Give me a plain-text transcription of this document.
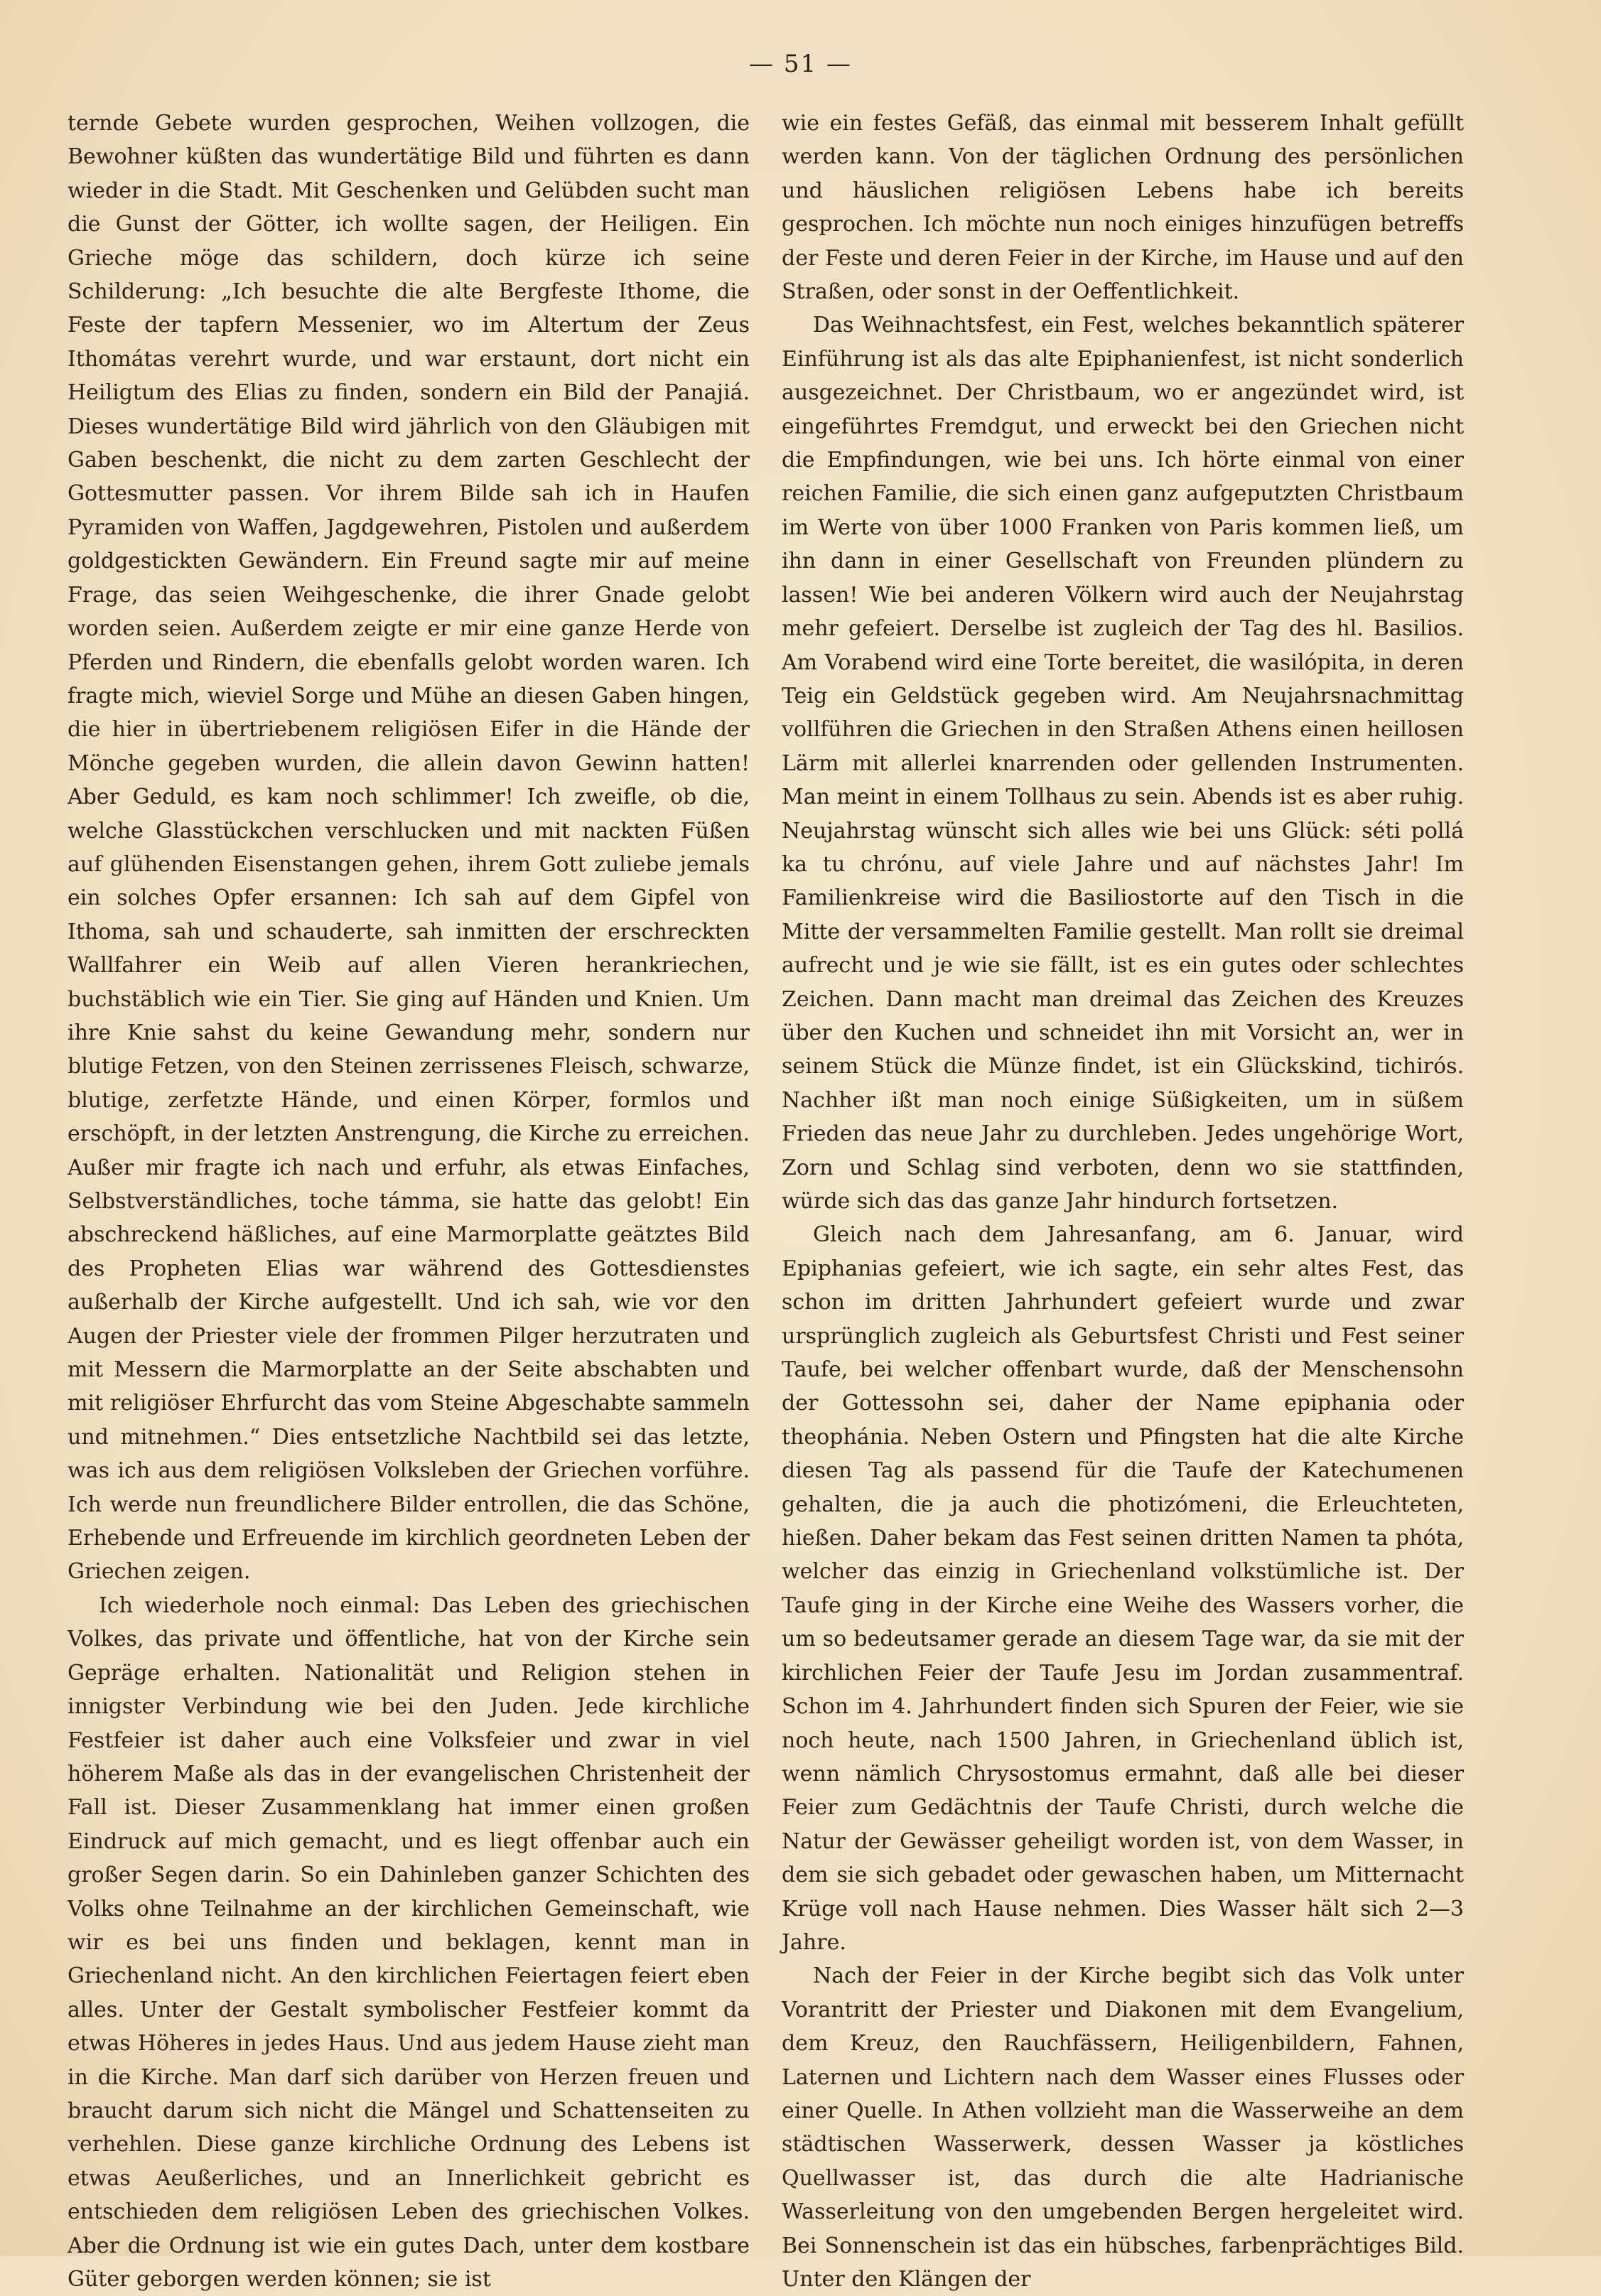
— 51 —

ternde Gebete wurden gesprochen, Weihen vollzogen, die Bewohner küßten das wundertätige Bild und führten es dann wieder in die Stadt. Mit Geschenken und Gelübden sucht man die Gunst der Götter, ich wollte sagen, der Heiligen. Ein Grieche möge das schildern, doch kürze ich seine Schilderung: „Ich besuchte die alte Bergfeste Ithome, die Feste der tapfern Messenier, wo im Altertum der Zeus Ithomátas verehrt wurde, und war erstaunt, dort nicht ein Heiligtum des Elias zu finden, sondern ein Bild der Panajiá. Dieses wundertätige Bild wird jährlich von den Gläubigen mit Gaben beschenkt, die nicht zu dem zarten Geschlecht der Gottesmutter passen. Vor ihrem Bilde sah ich in Haufen Pyramiden von Waffen, Jagdgewehren, Pistolen und außerdem goldgestickten Gewändern. Ein Freund sagte mir auf meine Frage, das seien Weihgeschenke, die ihrer Gnade gelobt worden seien. Außerdem zeigte er mir eine ganze Herde von Pferden und Rindern, die ebenfalls gelobt worden waren. Ich fragte mich, wieviel Sorge und Mühe an diesen Gaben hingen, die hier in übertriebenem religiösen Eifer in die Hände der Mönche gegeben wurden, die allein davon Gewinn hatten! Aber Geduld, es kam noch schlimmer! Ich zweifle, ob die, welche Glasstückchen verschlucken und mit nackten Füßen auf glühenden Eisenstangen gehen, ihrem Gott zuliebe jemals ein solches Opfer ersannen: Ich sah auf dem Gipfel von Ithoma, sah und schauderte, sah inmitten der erschreckten Wallfahrer ein Weib auf allen Vieren herankriechen, buchstäblich wie ein Tier. Sie ging auf Händen und Knien. Um ihre Knie sahst du keine Gewandung mehr, sondern nur blutige Fetzen, von den Steinen zerrissenes Fleisch, schwarze, blutige, zerfetzte Hände, und einen Körper, formlos und erschöpft, in der letzten Anstrengung, die Kirche zu erreichen. Außer mir fragte ich nach und erfuhr, als etwas Einfaches, Selbstverständliches, toche támma, sie hatte das gelobt! Ein abschreckend häßliches, auf eine Marmorplatte geätztes Bild des Propheten Elias war während des Gottesdienstes außerhalb der Kirche aufgestellt. Und ich sah, wie vor den Augen der Priester viele der frommen Pilger herzutraten und mit Messern die Marmorplatte an der Seite abschabten und mit religiöser Ehrfurcht das vom Steine Abgeschabte sammeln und mitnehmen.“ Dies entsetzliche Nachtbild sei das letzte, was ich aus dem religiösen Volksleben der Griechen vorführe. Ich werde nun freundlichere Bilder entrollen, die das Schöne, Erhebende und Erfreuende im kirchlich geordneten Leben der Griechen zeigen.

Ich wiederhole noch einmal: Das Leben des griechischen Volkes, das private und öffentliche, hat von der Kirche sein Gepräge erhalten. Nationalität und Religion stehen in innigster Verbindung wie bei den Juden. Jede kirchliche Festfeier ist daher auch eine Volksfeier und zwar in viel höherem Maße als das in der evangelischen Christenheit der Fall ist. Dieser Zusammenklang hat immer einen großen Eindruck auf mich gemacht, und es liegt offenbar auch ein großer Segen darin. So ein Dahinleben ganzer Schichten des Volks ohne Teilnahme an der kirchlichen Gemeinschaft, wie wir es bei uns finden und beklagen, kennt man in Griechenland nicht. An den kirchlichen Feiertagen feiert eben alles. Unter der Gestalt symbolischer Festfeier kommt da etwas Höheres in jedes Haus. Und aus jedem Hause zieht man in die Kirche. Man darf sich darüber von Herzen freuen und braucht darum sich nicht die Mängel und Schattenseiten zu verhehlen. Diese ganze kirchliche Ordnung des Lebens ist etwas Aeußerliches, und an Innerlichkeit gebricht es entschieden dem religiösen Leben des griechischen Volkes. Aber die Ordnung ist wie ein gutes Dach, unter dem kostbare Güter geborgen werden können; sie ist

wie ein festes Gefäß, das einmal mit besserem Inhalt gefüllt werden kann. Von der täglichen Ordnung des persönlichen und häuslichen religiösen Lebens habe ich bereits gesprochen. Ich möchte nun noch einiges hinzufügen betreffs der Feste und deren Feier in der Kirche, im Hause und auf den Straßen, oder sonst in der Oeffentlichkeit.

Das Weihnachtsfest, ein Fest, welches bekanntlich späterer Einführung ist als das alte Epiphanienfest, ist nicht sonderlich ausgezeichnet. Der Christbaum, wo er angezündet wird, ist eingeführtes Fremdgut, und erweckt bei den Griechen nicht die Empfindungen, wie bei uns. Ich hörte einmal von einer reichen Familie, die sich einen ganz aufgeputzten Christbaum im Werte von über 1000 Franken von Paris kommen ließ, um ihn dann in einer Gesellschaft von Freunden plündern zu lassen! Wie bei anderen Völkern wird auch der Neujahrstag mehr gefeiert. Derselbe ist zugleich der Tag des hl. Basilios. Am Vorabend wird eine Torte bereitet, die wasilópita, in deren Teig ein Geldstück gegeben wird. Am Neujahrsnachmittag vollführen die Griechen in den Straßen Athens einen heillosen Lärm mit allerlei knarrenden oder gellenden Instrumenten. Man meint in einem Tollhaus zu sein. Abends ist es aber ruhig. Neujahrstag wünscht sich alles wie bei uns Glück: séti pollá ka tu chrónu, auf viele Jahre und auf nächstes Jahr! Im Familienkreise wird die Basiliostorte auf den Tisch in die Mitte der versammelten Familie gestellt. Man rollt sie dreimal aufrecht und je wie sie fällt, ist es ein gutes oder schlechtes Zeichen. Dann macht man dreimal das Zeichen des Kreuzes über den Kuchen und schneidet ihn mit Vorsicht an, wer in seinem Stück die Münze findet, ist ein Glückskind, tichirós. Nachher ißt man noch einige Süßigkeiten, um in süßem Frieden das neue Jahr zu durchleben. Jedes ungehörige Wort, Zorn und Schlag sind verboten, denn wo sie stattfinden, würde sich das das ganze Jahr hindurch fortsetzen.

Gleich nach dem Jahresanfang, am 6. Januar, wird Epiphanias gefeiert, wie ich sagte, ein sehr altes Fest, das schon im dritten Jahrhundert gefeiert wurde und zwar ursprünglich zugleich als Geburtsfest Christi und Fest seiner Taufe, bei welcher offenbart wurde, daß der Menschensohn der Gottessohn sei, daher der Name epiphania oder theophánia. Neben Ostern und Pfingsten hat die alte Kirche diesen Tag als passend für die Taufe der Katechumenen gehalten, die ja auch die photizómeni, die Erleuchteten, hießen. Daher bekam das Fest seinen dritten Namen ta phóta, welcher das einzig in Griechenland volkstümliche ist. Der Taufe ging in der Kirche eine Weihe des Wassers vorher, die um so bedeutsamer gerade an diesem Tage war, da sie mit der kirchlichen Feier der Taufe Jesu im Jordan zusammentraf. Schon im 4. Jahrhundert finden sich Spuren der Feier, wie sie noch heute, nach 1500 Jahren, in Griechenland üblich ist, wenn nämlich Chrysostomus ermahnt, daß alle bei dieser Feier zum Gedächtnis der Taufe Christi, durch welche die Natur der Gewässer geheiligt worden ist, von dem Wasser, in dem sie sich gebadet oder gewaschen haben, um Mitternacht Krüge voll nach Hause nehmen. Dies Wasser hält sich 2—3 Jahre.

Nach der Feier in der Kirche begibt sich das Volk unter Vorantritt der Priester und Diakonen mit dem Evangelium, dem Kreuz, den Rauchfässern, Heiligenbildern, Fahnen, Laternen und Lichtern nach dem Wasser eines Flusses oder einer Quelle. In Athen vollzieht man die Wasserweihe an dem städtischen Wasserwerk, dessen Wasser ja köstliches Quellwasser ist, das durch die alte Hadrianische Wasserleitung von den umgebenden Bergen hergeleitet wird. Bei Sonnenschein ist das ein hübsches, farbenprächtiges Bild. Unter den Klängen der
